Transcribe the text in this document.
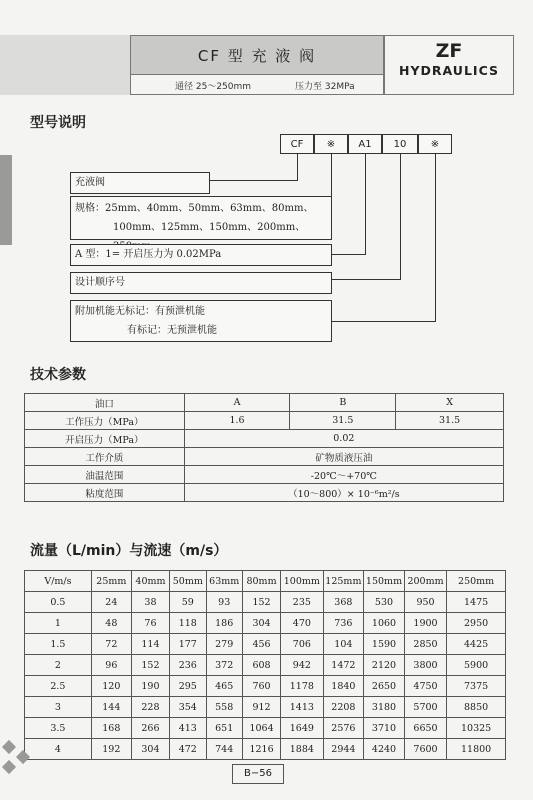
CF 型 充 液 阀
通径 25～250mm	压力至 32MPa
ZF
HYDRAULICS
型号说明
CF	※	A1	10	※
充液阀
规格：25mm、40mm、50mm、63mm、80mm、
100mm、125mm、150mm、200mm、
A 型：1= 开启压力为 0.02MPa
设计顺序号
附加机能无标记：有预泄机能
有标记：无预泄机能
技术参数
油口	A	B	X
工作压力（MPa）	1.6	31.5	31.5
开启压力（MPa）	0.02		
工作介质	矿物质液压油		
油温范围	-20℃～+70℃		
粘度范围	（10～800）× 10⁻⁶m²/s		
流量（L/min）与流速（m/s）
V/m/s	25mm	40mm	50mm	63mm	80mm	100mm	125mm	150mm	200mm	250mm
0.5	24	38	59	93	152	235	368	530	950	1475
1	48	76	118	186	304	470	736	1060	1900	2950
1.5	72	114	177	279	456	706	104	1590	2850	4425
2	96	152	236	372	608	942	1472	2120	3800	5900
2.5	120	190	295	465	760	1178	1840	2650	4750	7375
3	144	228	354	558	912	1413	2208	3180	5700	8850
3.5	168	266	413	651	1064	1649	2576	3710	6650	10325
4	192	304	472	744	1216	1884	2944	4240	7600	11800
B−56
